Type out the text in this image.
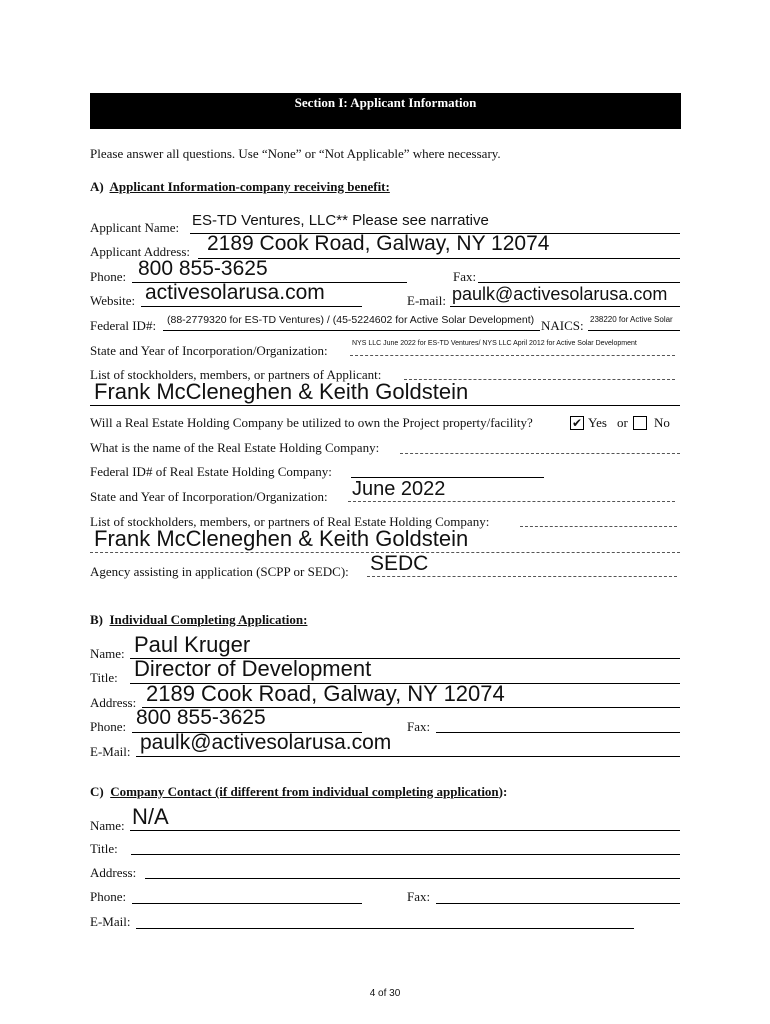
Section I: Applicant Information
Please answer all questions. Use “None” or “Not Applicable” where necessary.
A) Applicant Information-company receiving benefit:
Applicant Name: ES-TD Ventures, LLC** Please see narrative
Applicant Address: 2189 Cook Road, Galway, NY 12074
Phone: 800 855-3625	Fax:
Website: activesolarusa.com	E-mail: paulk@activesolarusa.com
Federal ID#: (88-2779320 for ES-TD Ventures) / (45-5224602 for Active Solar Development) NAICS: 238220 for Active Solar
State and Year of Incorporation/Organization:	NYS LLC June 2022 for ES-TD Ventures/ NYS LLC April 2012 for Active Solar Development
List of stockholders, members, or partners of Applicant:
Frank McCleneghen & Keith Goldstein
Will a Real Estate Holding Company be utilized to own the Project property/facility?	✔ Yes or No
What is the name of the Real Estate Holding Company:
Federal ID# of Real Estate Holding Company:
State and Year of Incorporation/Organization: June 2022
List of stockholders, members, or partners of Real Estate Holding Company:
Frank McCleneghen & Keith Goldstein
Agency assisting in application (SCPP or SEDC): SEDC
B) Individual Completing Application:
Name: Paul Kruger
Title: Director of Development
Address: 2189 Cook Road, Galway, NY 12074
Phone: 800 855-3625	Fax:
E-Mail: paulk@activesolarusa.com
C) Company Contact (if different from individual completing application):
Name: N/A
Title:
Address:
Phone:	Fax:
E-Mail:
4 of 30
